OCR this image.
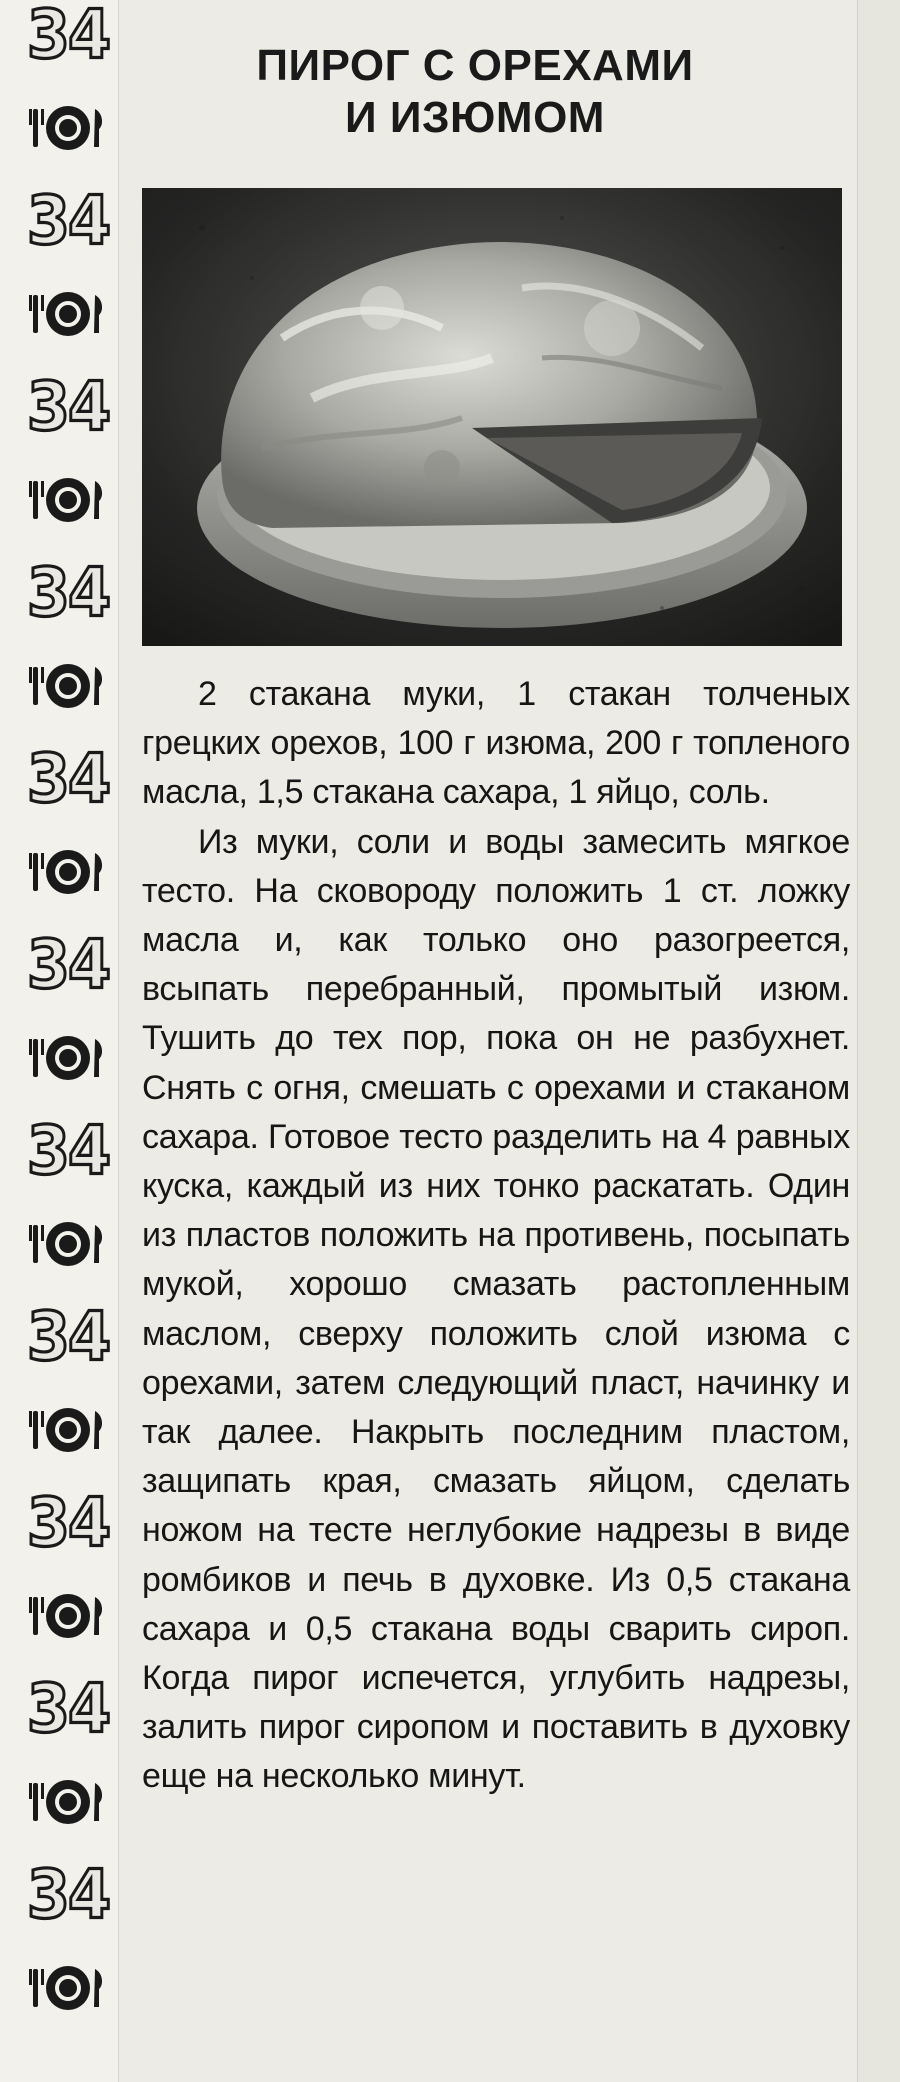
34
34
34
34
34
34
34
34
34
34
34
ПИРОГ С ОРЕХАМИ
И ИЗЮМОМ

2 стакана муки, 1 стакан толченых грецких орехов, 100 г изюма, 200 г топленого масла, 1,5 стакана сахара, 1 яйцо, соль.

Из муки, соли и воды замесить мягкое тесто. На сковороду положить 1 ст. ложку масла и, как только оно разогреется, всыпать перебранный, промытый изюм. Тушить до тех пор, пока он не разбухнет. Снять с огня, смешать с орехами и стаканом сахара. Готовое тесто разделить на 4 равных куска, каждый из них тонко раскатать. Один из пластов положить на противень, посыпать мукой, хорошо смазать растопленным маслом, сверху положить слой изюма с орехами, затем следующий пласт, начинку и так далее. Накрыть последним пластом, защипать края, смазать яйцом, сделать ножом на тесте неглубокие надрезы в виде ромбиков и печь в духовке. Из 0,5 стакана сахара и 0,5 стакана воды сварить сироп. Когда пирог испечется, углубить надрезы, залить пирог сиропом и поставить в духовку еще на несколько минут.
